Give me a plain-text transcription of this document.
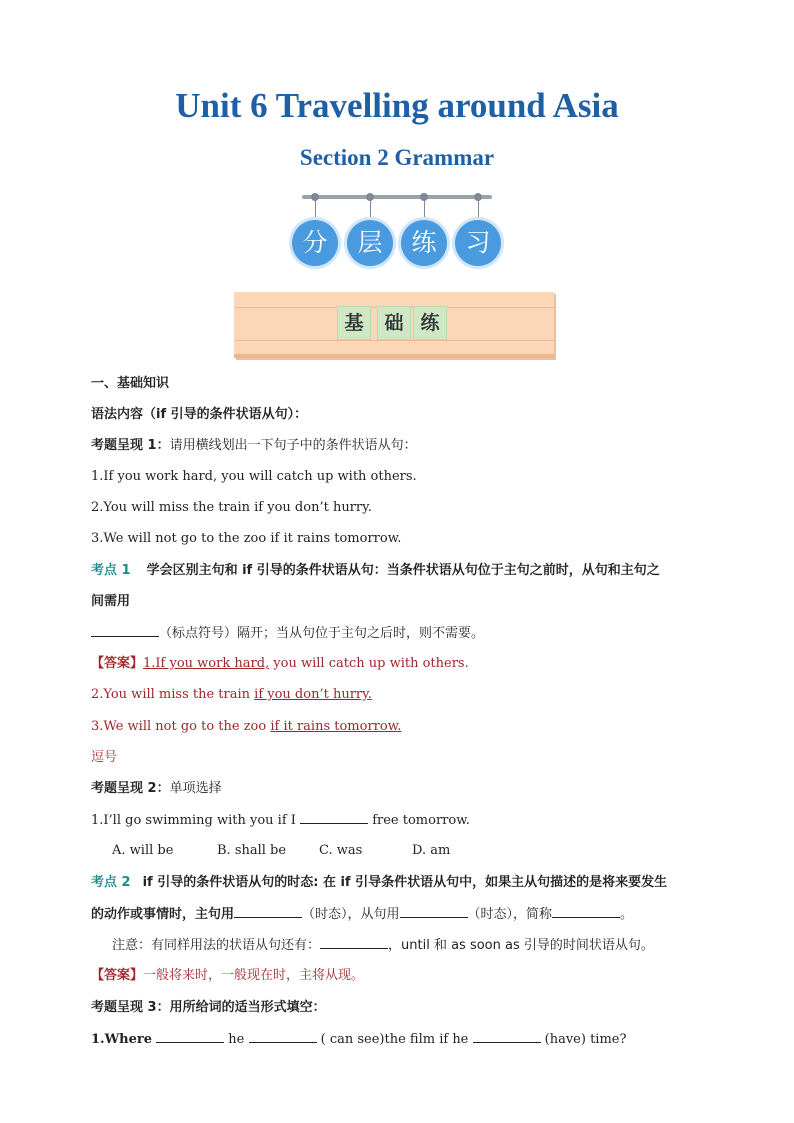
Unit 6 Travelling around Asia
Section 2 Grammar
分	层	练	习
基	础 练
一、基础知识
语法内容（if 引导的条件状语从句）：
考题呈现 1：请用横线划出一下句子中的条件状语从句：
1.If you work hard, you will catch up with others.
2.You will miss the train if you don’t hurry.
3.We will not go to the zoo if it rains tomorrow.
考点 1 学会区别主句和 if 引导的条件状语从句：当条件状语从句位于主句之前时，从句和主句之
间需用
（标点符号）隔开；当从句位于主句之后时，则不需要。
【答案】1.If you work hard, you will catch up with others.
2.You will miss the train if you don’t hurry.
3.We will not go to the zoo if it rains tomorrow.
逗号
考题呈现 2：单项选择
1.I’ll go swimming with you if I	free tomorrow.
A. will be	B. shall be	C. was	D. am
考点 2 if 引导的条件状语从句的时态: 在 if 引导条件状语从句中，如果主从句描述的是将来要发生
的动作或事情时，主句用	（时态），从句用	（时态），简称	。
注意：有同样用法的状语从句还有：	，until 和 as soon as 引导的时间状语从句。
【答案】一般将来时，一般现在时，主将从现。
考题呈现 3：用所给词的适当形式填空：
1.Where	he	( can see)the film if he	(have) time?
